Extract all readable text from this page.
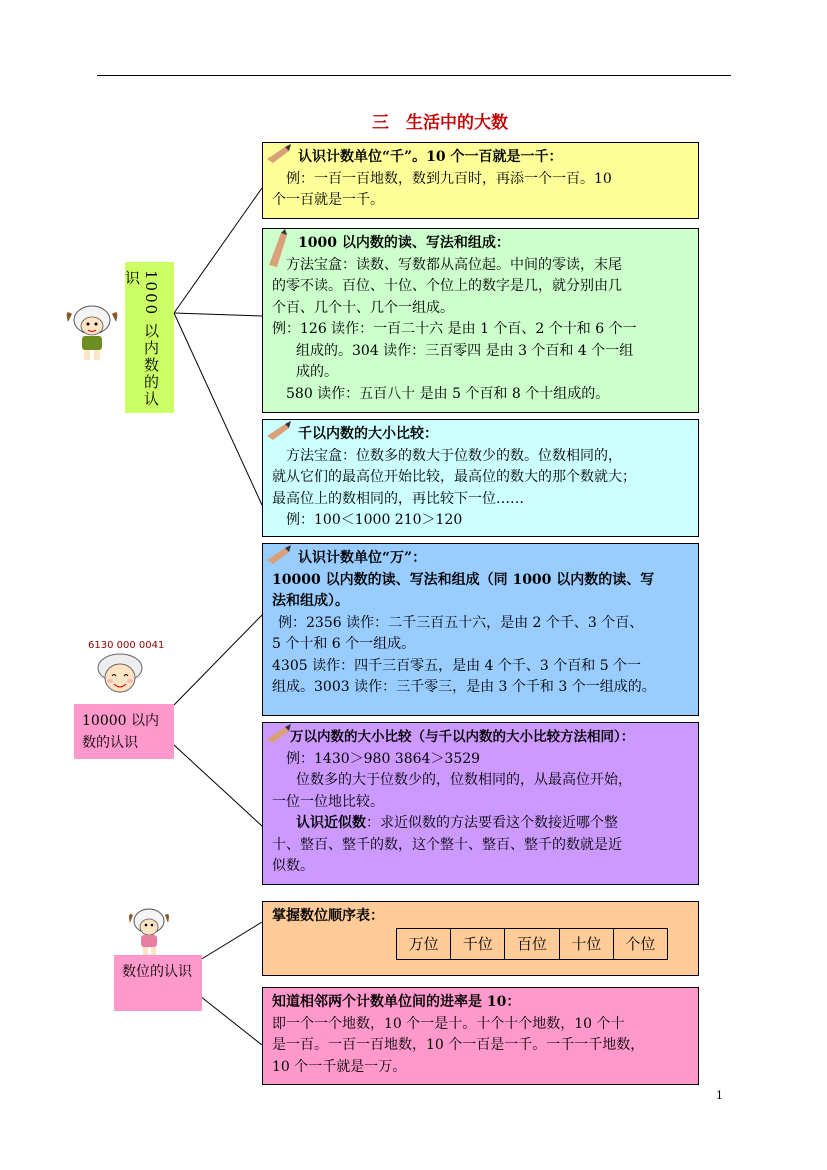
三　生活中的大数
1000 以内数的认识
6130 000 0041
10000 以内数的认识
数位的认识
认识计数单位“千”。10 个一百就是一千：
例：一百一百地数，数到九百时，再添一个一百。10
个一百就是一千。
1000 以内数的读、写法和组成：
方法宝盒：读数、写数都从高位起。中间的零读，末尾
的零不读。百位、十位、个位上的数字是几，就分别由几
个百、几个十、几个一组成。
例：126 读作：一百二十六 是由 1 个百、2 个十和 6 个一
组成的。304 读作：三百零四 是由 3 个百和 4 个一组
成的。
580 读作：五百八十 是由 5 个百和 8 个十组成的。
千以内数的大小比较：
方法宝盒：位数多的数大于位数少的数。位数相同的，
就从它们的最高位开始比较，最高位的数大的那个数就大；
最高位上的数相同的，再比较下一位……
例：100＜1000 210＞120
认识计数单位“万”：
10000 以内数的读、写法和组成（同 1000 以内数的读、写
法和组成）。
例：2356 读作：二千三百五十六，是由 2 个千、3 个百、
5 个十和 6 个一组成。
4305 读作：四千三百零五，是由 4 个千、3 个百和 5 个一
组成。3003 读作：三千零三，是由 3 个千和 3 个一组成的。
万以内数的大小比较（与千以内数的大小比较方法相同）：
例：1430＞980 3864＞3529
位数多的大于位数少的，位数相同的，从最高位开始，
一位一位地比较。
认识近似数：求近似数的方法要看这个数接近哪个整
十、整百、整千的数，这个整十、整百、整千的数就是近
似数。
掌握数位顺序表：
万位	千位	百位	十位	个位
知道相邻两个计数单位间的进率是 10：
即一个一个地数，10 个一是十。十个十个地数，10 个十
是一百。一百一百地数，10 个一百是一千。一千一千地数，
10 个一千就是一万。
1
